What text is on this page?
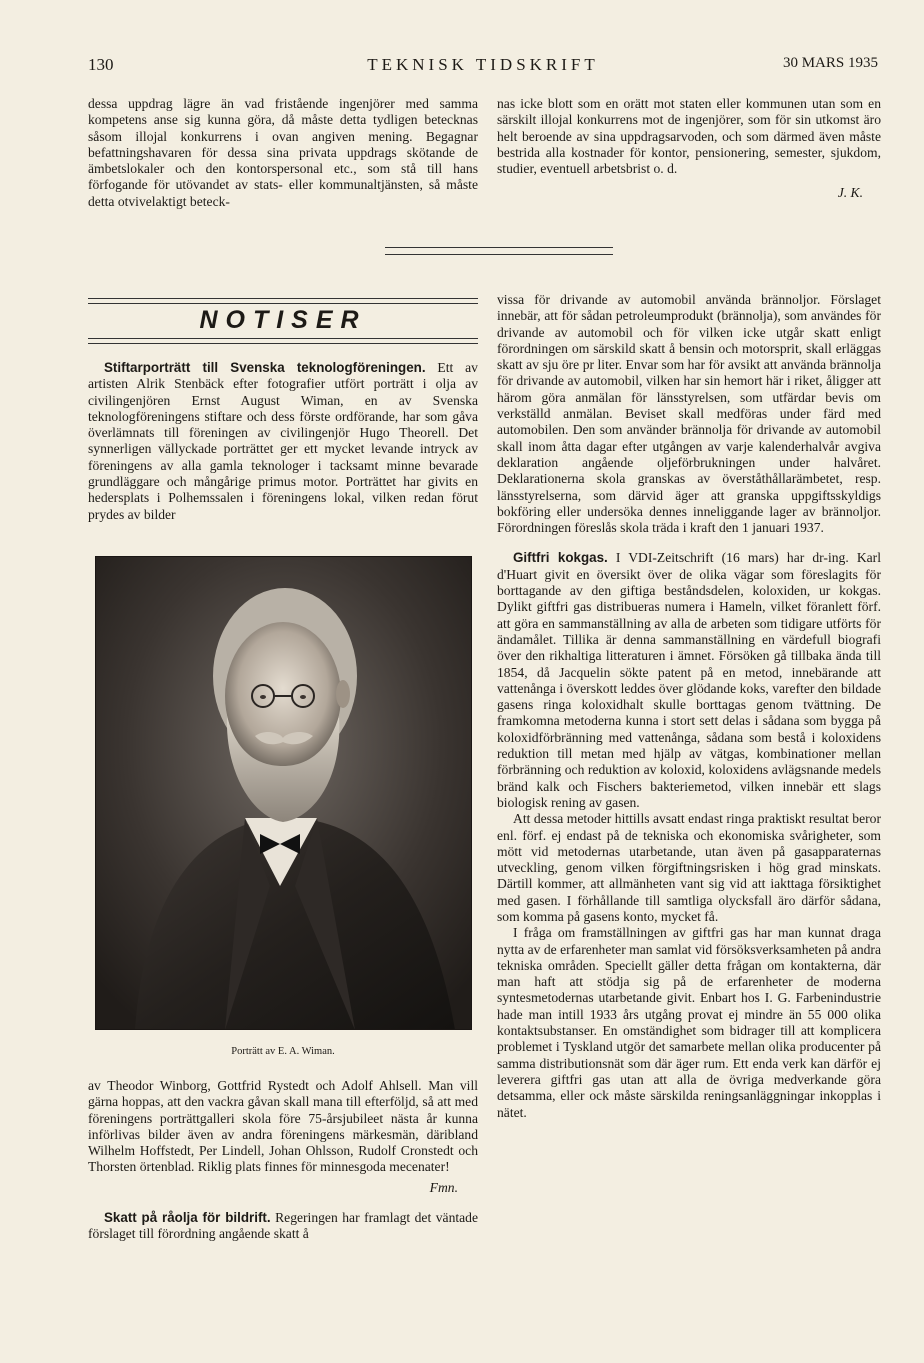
130	TEKNISK TIDSKRIFT	30 MARS 1935

dessa uppdrag lägre än vad fristående ingenjörer med samma kompetens anse sig kunna göra, då måste detta tydligen betecknas såsom illojal konkurrens i ovan angiven mening. Begagnar befattningshavaren för dessa sina privata uppdrags skötande de ämbetslokaler och den kontorspersonal etc., som stå till hans förfogande för utövandet av stats- eller kommunaltjänsten, så måste detta otvivelaktigt beteck-

nas icke blott som en orätt mot staten eller kommunen utan som en särskilt illojal konkurrens mot de ingenjörer, som för sin utkomst äro helt beroende av sina uppdragsarvoden, och som därmed även måste bestrida alla kostnader för kontor, pensionering, semester, sjukdom, studier, eventuell arbetsbrist o. d.

J. K.
NOTISER

Stiftarporträtt till Svenska teknologföreningen. Ett av artisten Alrik Stenbäck efter fotografier utfört porträtt i olja av civilingenjören Ernst August Wiman, en av Svenska teknologföreningens stiftare och dess förste ordförande, har som gåva överlämnats till föreningen av civilingenjör Hugo Theorell. Det synnerligen vällyckade porträttet ger ett mycket levande intryck av föreningens av alla gamla teknologer i tacksamt minne bevarade grundläggare och mångårige primus motor. Porträttet har givits en hedersplats i Polhemssalen i föreningens lokal, vilken redan förut prydes av bilder

Porträtt av E. A. Wiman.

av Theodor Winborg, Gottfrid Rystedt och Adolf Ahlsell. Man vill gärna hoppas, att den vackra gåvan skall mana till efterföljd, så att med föreningens porträttgalleri skola före 75-årsjubileet nästa år kunna införlivas bilder även av andra föreningens märkesmän, däribland Wilhelm Hoffstedt, Per Lindell, Johan Ohlsson, Rudolf Cronstedt och Thorsten örtenblad. Riklig plats finnes för minnesgoda mecenater!

Fmn.

Skatt på råolja för bildrift. Regeringen har framlagt det väntade förslaget till förordning angående skatt å

vissa för drivande av automobil använda brännoljor. Förslaget innebär, att för sådan petroleumprodukt (brännolja), som användes för drivande av automobil och för vilken icke utgår skatt enligt förordningen om särskild skatt å bensin och motorsprit, skall erläggas skatt av sju öre pr liter. Envar som har för avsikt att använda brännolja för drivande av automobil, vilken har sin hemort här i riket, åligger att härom göra anmälan för länsstyrelsen, som utfärdar bevis om verkställd anmälan. Beviset skall medföras under färd med automobilen. Den som använder brännolja för drivande av automobil skall inom åtta dagar efter utgången av varje kalenderhalvår avgiva deklaration angående oljeförbrukningen under halvåret. Deklarationerna skola granskas av överståthållarämbetet, resp. länsstyrelserna, som därvid äger att granska uppgiftsskyldigs bokföring eller undersöka dennes inneliggande lager av brännoljor. Förordningen föreslås skola träda i kraft den 1 januari 1937.

Giftfri kokgas. I VDI-Zeitschrift (16 mars) har dr-ing. Karl d'Huart givit en översikt över de olika vägar som föreslagits för borttagande av den giftiga beståndsdelen, koloxiden, ur kokgas. Dylikt giftfri gas distribueras numera i Hameln, vilket föranlett förf. att göra en sammanställning av alla de arbeten som tidigare utförts för ändamålet. Tillika är denna sammanställning en värdefull biografi över den rikhaltiga litteraturen i ämnet. Försöken gå tillbaka ända till 1854, då Jacquelin sökte patent på en metod, innebärande att vattenånga i överskott leddes över glödande koks, varefter den bildade gasens ringa koloxidhalt skulle borttagas genom tvättning. De framkomna metoderna kunna i stort sett delas i sådana som bygga på koloxidförbränning med vattenånga, sådana som bestå i koloxidens reduktion till metan med hjälp av vätgas, kombinationer mellan förbränning och reduktion av koloxid, koloxidens avlägsnande medels bränd kalk och Fischers bakteriemetod, vilken innebär ett slags biologisk rening av gasen.

Att dessa metoder hittills avsatt endast ringa praktiskt resultat beror enl. förf. ej endast på de tekniska och ekonomiska svårigheter, som mött vid metodernas utarbetande, utan även på gasapparaternas utveckling, genom vilken förgiftningsrisken i hög grad minskats. Därtill kommer, att allmänheten vant sig vid att iakttaga försiktighet med gasen. I förhållande till samtliga olycksfall äro därför sådana, som komma på gasens konto, mycket få.

I fråga om framställningen av giftfri gas har man kunnat draga nytta av de erfarenheter man samlat vid försöksverksamheten på andra tekniska områden. Speciellt gäller detta frågan om kontakterna, där man haft att stödja sig på de erfarenheter de moderna syntesmetodernas utarbetande givit. Enbart hos I. G. Farbenindustrie hade man intill 1933 års utgång provat ej mindre än 55 000 olika kontaktsubstanser. En omständighet som bidrager till att komplicera problemet i Tyskland utgör det samarbete mellan olika producenter på samma distributionsnät som där äger rum. Ett enda verk kan därför ej leverera giftfri gas utan att alla de övriga medverkande göra detsamma, eller ock måste särskilda reningsanläggningar inkopplas i nätet.
